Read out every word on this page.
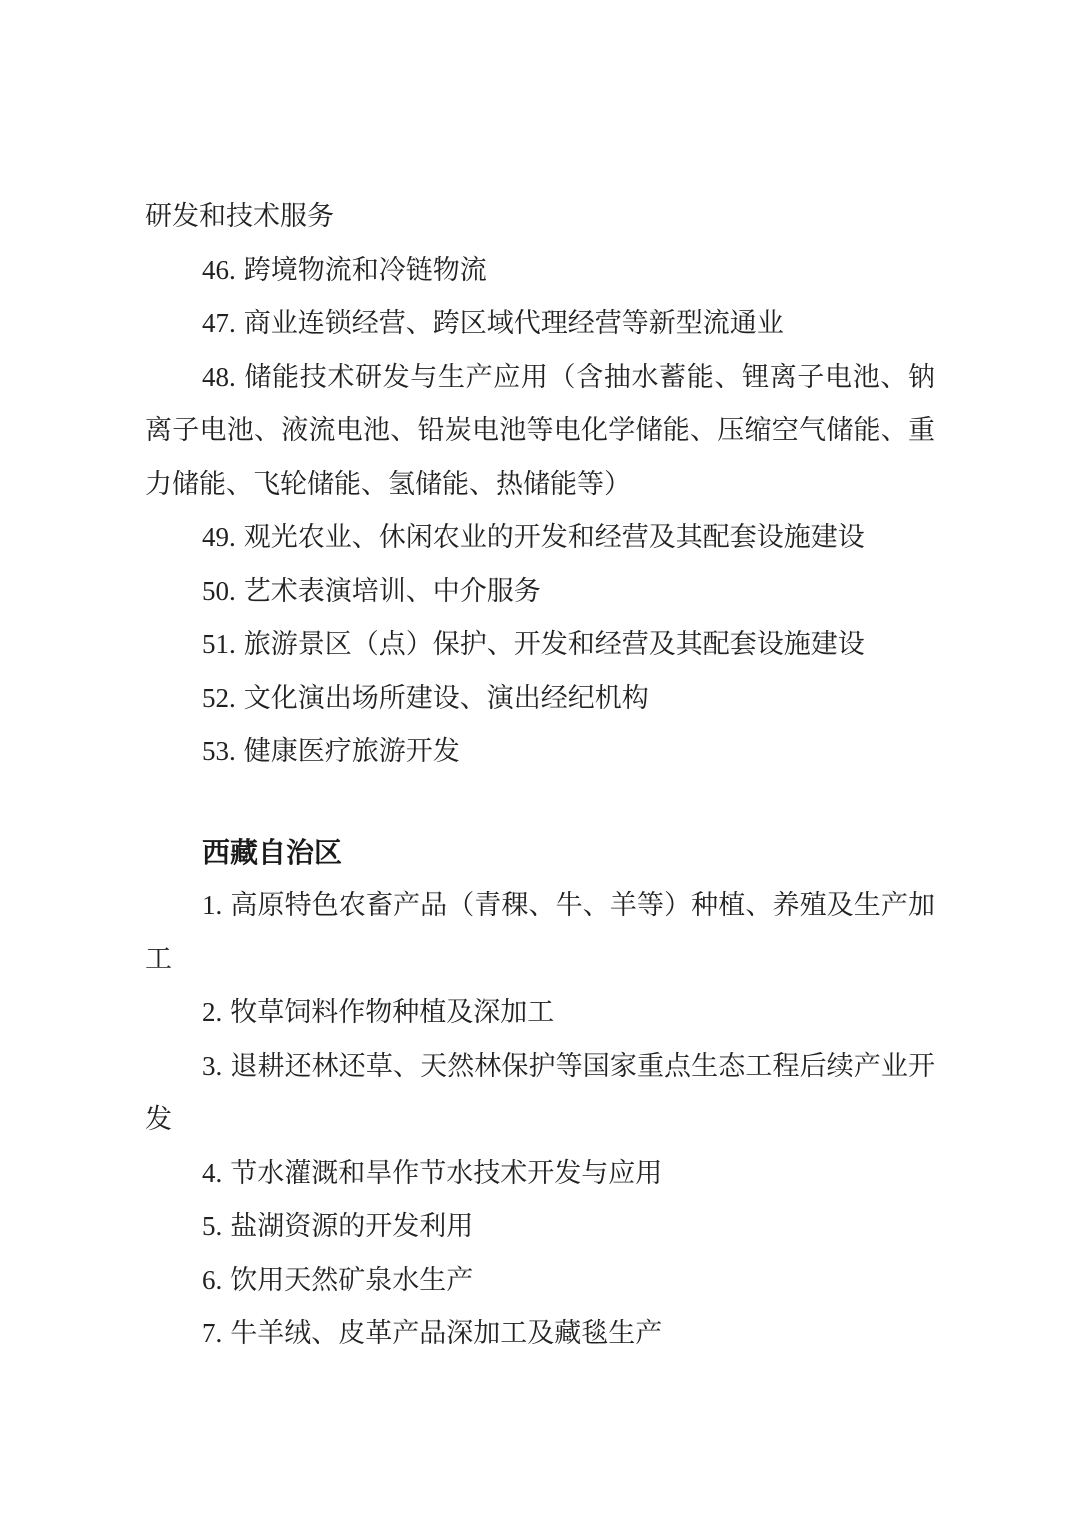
研发和技术服务

46. 跨境物流和冷链物流

47. 商业连锁经营、跨区域代理经营等新型流通业

48. 储能技术研发与生产应用（含抽水蓄能、锂离子电池、钠离子电池、液流电池、铅炭电池等电化学储能、压缩空气储能、重力储能、飞轮储能、氢储能、热储能等）

49. 观光农业、休闲农业的开发和经营及其配套设施建设

50. 艺术表演培训、中介服务

51. 旅游景区（点）保护、开发和经营及其配套设施建设

52. 文化演出场所建设、演出经纪机构

53. 健康医疗旅游开发

西藏自治区

1. 高原特色农畜产品（青稞、牛、羊等）种植、养殖及生产加工

2. 牧草饲料作物种植及深加工

3. 退耕还林还草、天然林保护等国家重点生态工程后续产业开发

4. 节水灌溉和旱作节水技术开发与应用

5. 盐湖资源的开发利用

6. 饮用天然矿泉水生产

7. 牛羊绒、皮革产品深加工及藏毯生产
